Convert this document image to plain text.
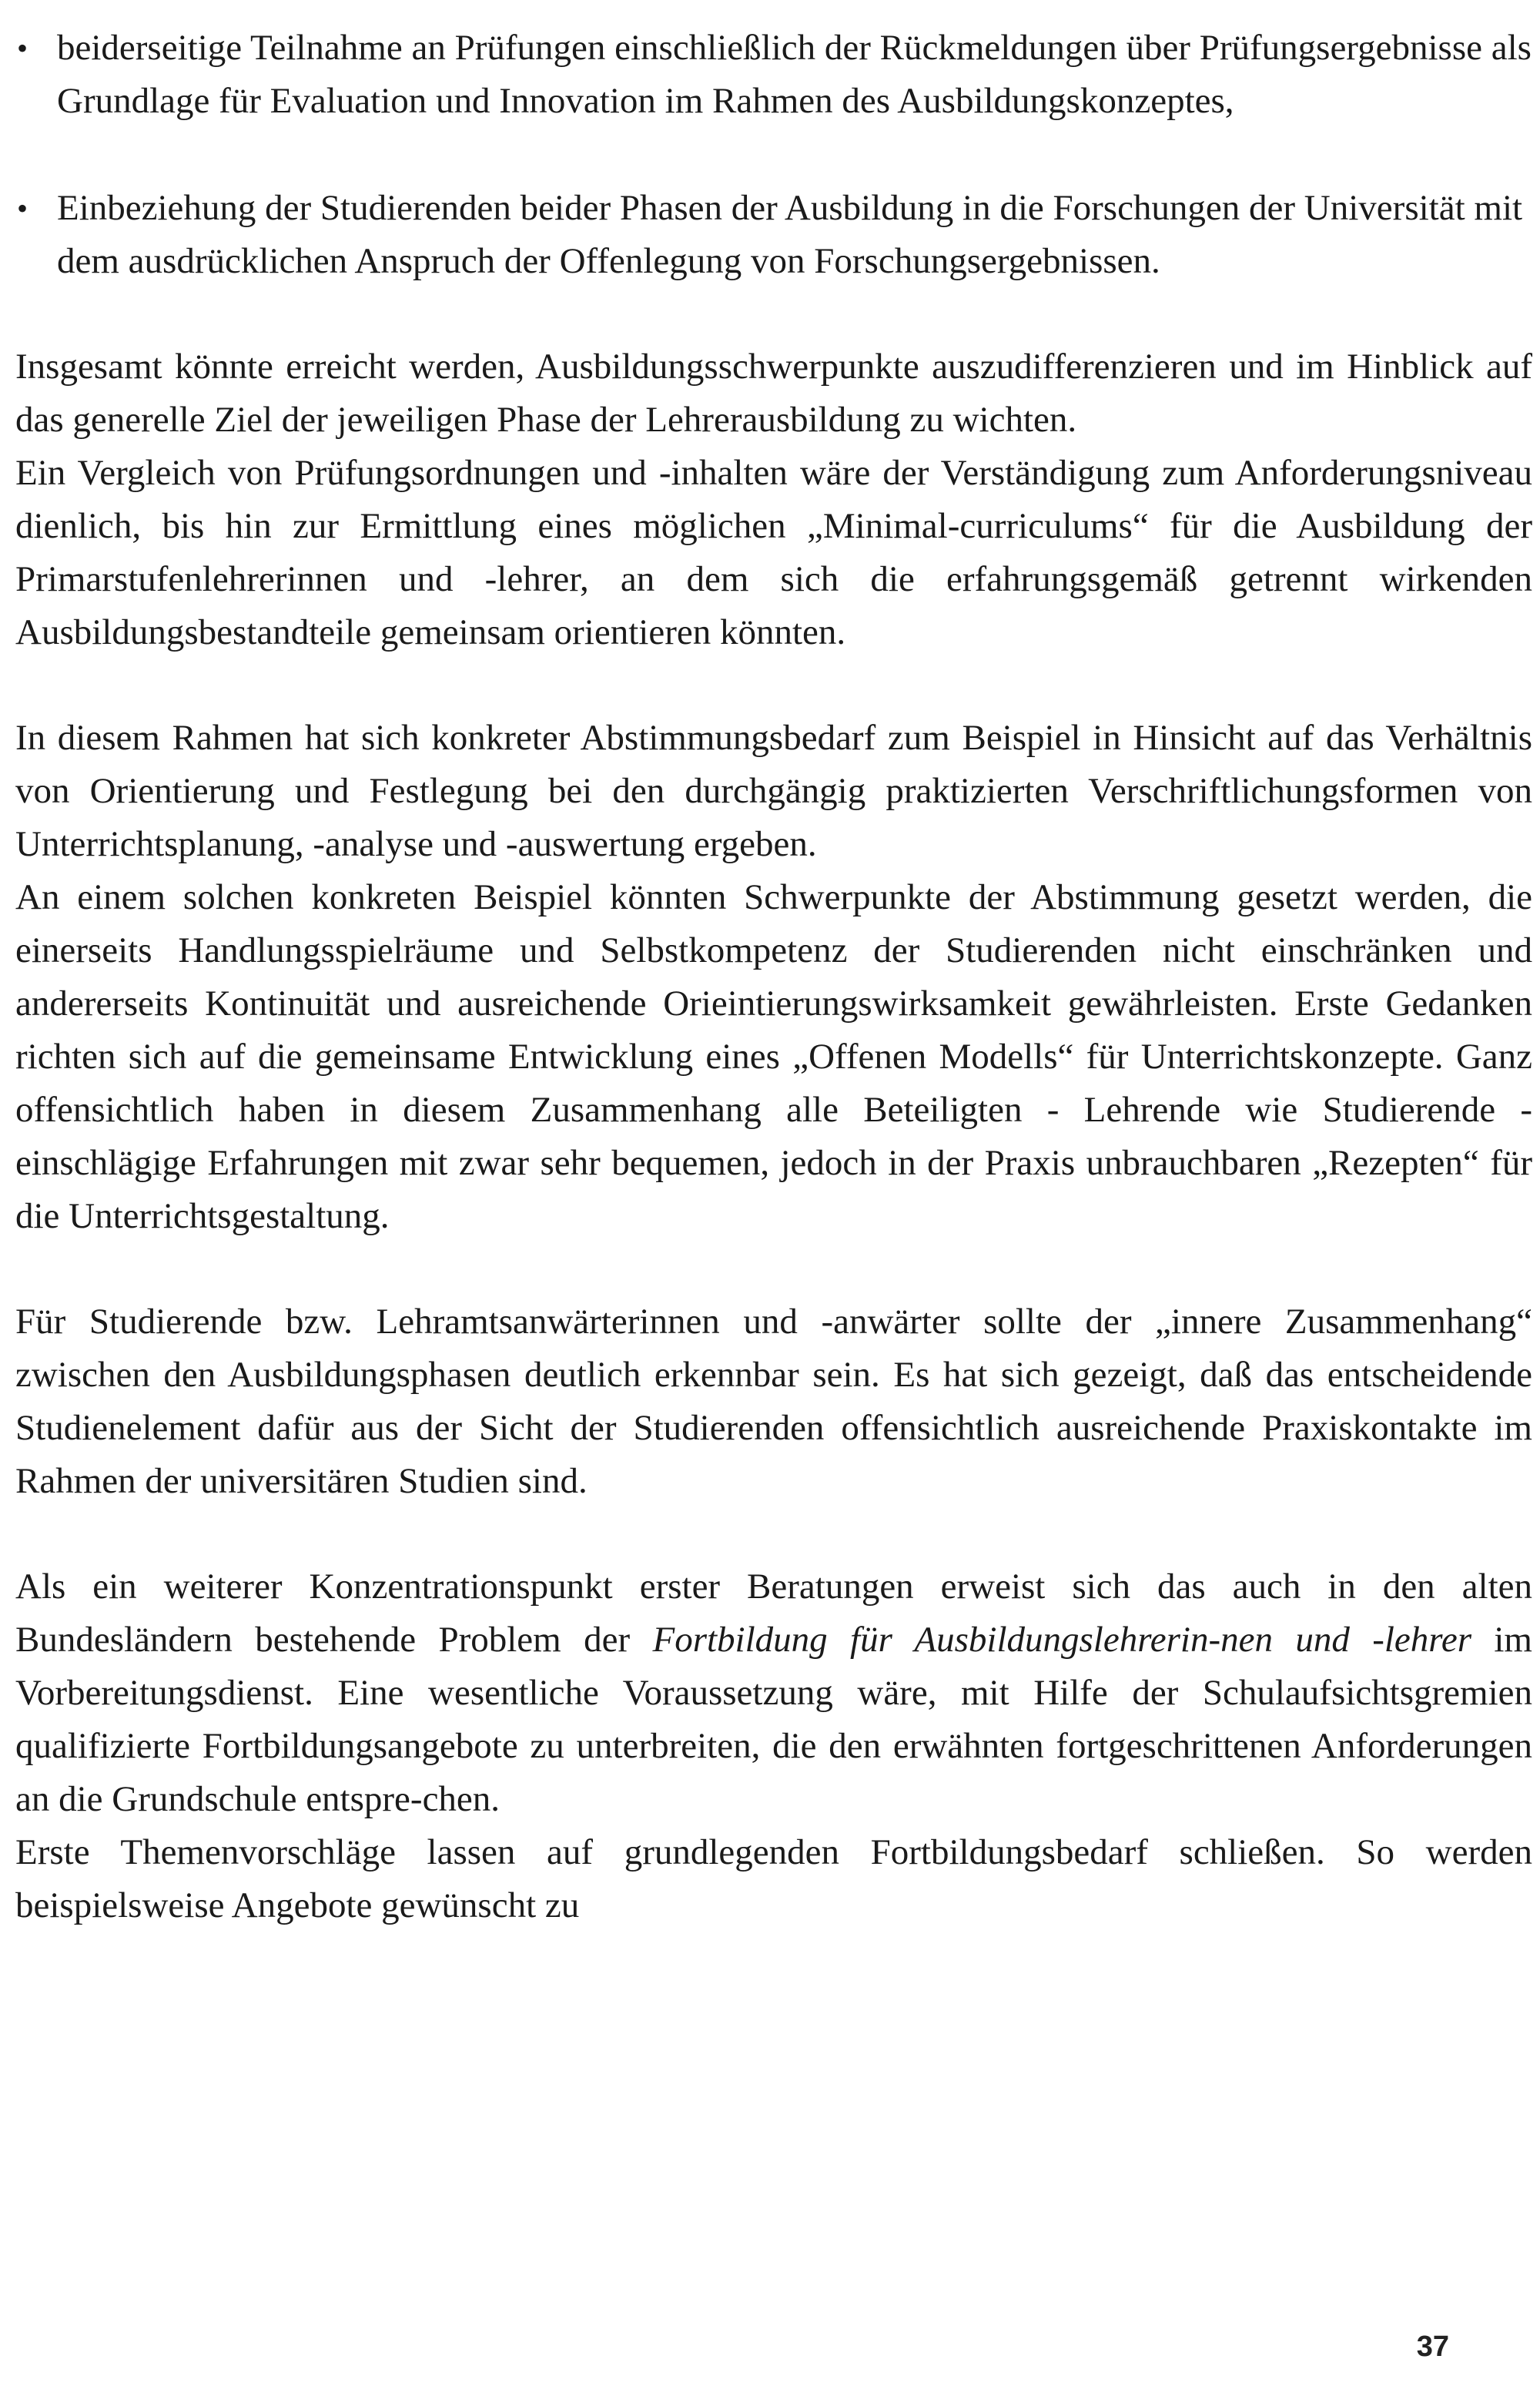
• beiderseitige Teilnahme an Prüfungen einschließlich der Rückmeldungen über Prüfungsergebnisse als Grundlage für Evaluation und Innovation im Rahmen des Ausbildungskonzeptes,
• Einbeziehung der Studierenden beider Phasen der Ausbildung in die Forschungen der Universität mit dem ausdrücklichen Anspruch der Offenlegung von Forschungsergebnissen.

Insgesamt könnte erreicht werden, Ausbildungsschwerpunkte auszudifferenzieren und im Hinblick auf das generelle Ziel der jeweiligen Phase der Lehrerausbildung zu wichten.

Ein Vergleich von Prüfungsordnungen und -inhalten wäre der Verständigung zum Anforderungsniveau dienlich, bis hin zur Ermittlung eines möglichen „Minimal-curriculums“ für die Ausbildung der Primarstufenlehrerinnen und -lehrer, an dem sich die erfahrungsgemäß getrennt wirkenden Ausbildungsbestandteile gemeinsam orientieren könnten.

In diesem Rahmen hat sich konkreter Abstimmungsbedarf zum Beispiel in Hinsicht auf das Verhältnis von Orientierung und Festlegung bei den durchgängig praktizierten Verschriftlichungsformen von Unterrichtsplanung, -analyse und -auswertung ergeben.

An einem solchen konkreten Beispiel könnten Schwerpunkte der Abstimmung gesetzt werden, die einerseits Handlungsspielräume und Selbstkompetenz der Studierenden nicht einschränken und andererseits Kontinuität und ausreichende Orieintierungswirksamkeit gewährleisten. Erste Gedanken richten sich auf die gemeinsame Entwicklung eines „Offenen Modells“ für Unterrichtskonzepte. Ganz offensichtlich haben in diesem Zusammenhang alle Beteiligten - Lehrende wie Studierende - einschlägige Erfahrungen mit zwar sehr bequemen, jedoch in der Praxis unbrauchbaren „Rezepten“ für die Unterrichtsgestaltung.

Für Studierende bzw. Lehramtsanwärterinnen und -anwärter sollte der „innere Zusammenhang“ zwischen den Ausbildungsphasen deutlich erkennbar sein. Es hat sich gezeigt, daß das entscheidende Studienelement dafür aus der Sicht der Studierenden offensichtlich ausreichende Praxiskontakte im Rahmen der universitären Studien sind.

Als ein weiterer Konzentrationspunkt erster Beratungen erweist sich das auch in den alten Bundesländern bestehende Problem der Fortbildung für Ausbildungslehrerin-nen und -lehrer im Vorbereitungsdienst. Eine wesentliche Voraussetzung wäre, mit Hilfe der Schulaufsichtsgremien qualifizierte Fortbildungsangebote zu unterbreiten, die den erwähnten fortgeschrittenen Anforderungen an die Grundschule entspre-chen.

Erste Themenvorschläge lassen auf grundlegenden Fortbildungsbedarf schließen. So werden beispielsweise Angebote gewünscht zu

37
